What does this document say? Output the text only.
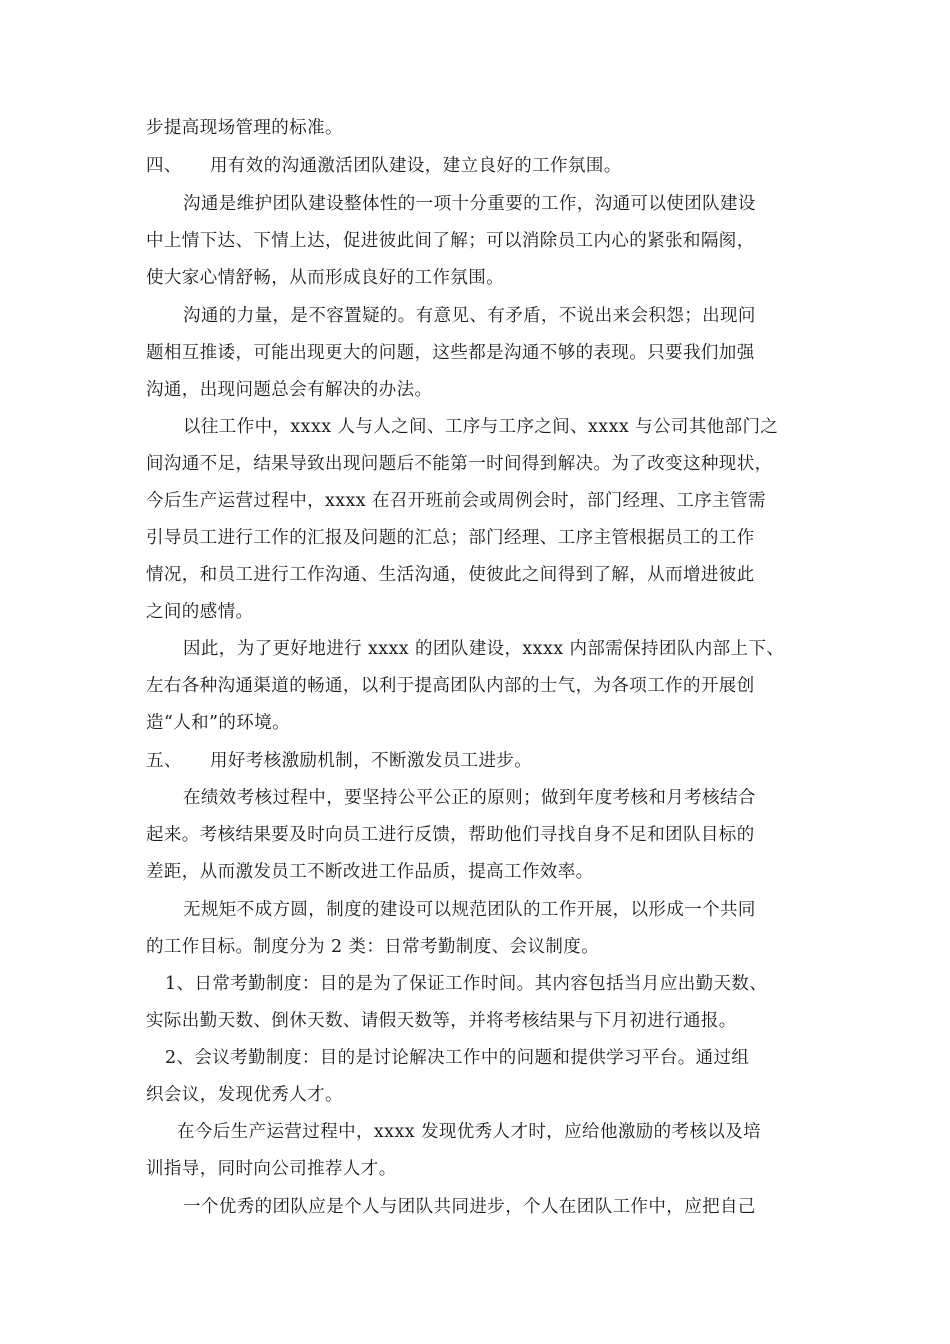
步提高现场管理的标准。
四、 用有效的沟通激活团队建设，建立良好的工作氛围。
沟通是维护团队建设整体性的一项十分重要的工作，沟通可以使团队建设
中上情下达、下情上达，促进彼此间了解；可以消除员工内心的紧张和隔阂，
使大家心情舒畅，从而形成良好的工作氛围。
沟通的力量，是不容置疑的。有意见、有矛盾，不说出来会积怨；出现问
题相互推诿，可能出现更大的问题，这些都是沟通不够的表现。只要我们加强
沟通，出现问题总会有解决的办法。
以往工作中，xxxx 人与人之间、工序与工序之间、xxxx 与公司其他部门之
间沟通不足，结果导致出现问题后不能第一时间得到解决。为了改变这种现状，
今后生产运营过程中，xxxx 在召开班前会或周例会时，部门经理、工序主管需
引导员工进行工作的汇报及问题的汇总；部门经理、工序主管根据员工的工作
情况，和员工进行工作沟通、生活沟通，使彼此之间得到了解，从而增进彼此
之间的感情。
因此，为了更好地进行 xxxx 的团队建设，xxxx 内部需保持团队内部上下、
左右各种沟通渠道的畅通，以利于提高团队内部的士气，为各项工作的开展创
造“人和”的环境。
五、 用好考核激励机制，不断激发员工进步。
在绩效考核过程中，要坚持公平公正的原则；做到年度考核和月考核结合
起来。考核结果要及时向员工进行反馈，帮助他们寻找自身不足和团队目标的
差距，从而激发员工不断改进工作品质，提高工作效率。
无规矩不成方圆，制度的建设可以规范团队的工作开展，以形成一个共同
的工作目标。制度分为 2 类：日常考勤制度、会议制度。
1、日常考勤制度：目的是为了保证工作时间。其内容包括当月应出勤天数、
实际出勤天数、倒休天数、请假天数等，并将考核结果与下月初进行通报。
2、会议考勤制度：目的是讨论解决工作中的问题和提供学习平台。通过组
织会议，发现优秀人才。
在今后生产运营过程中，xxxx 发现优秀人才时，应给他激励的考核以及培
训指导，同时向公司推荐人才。
一个优秀的团队应是个人与团队共同进步，个人在团队工作中，应把自己
